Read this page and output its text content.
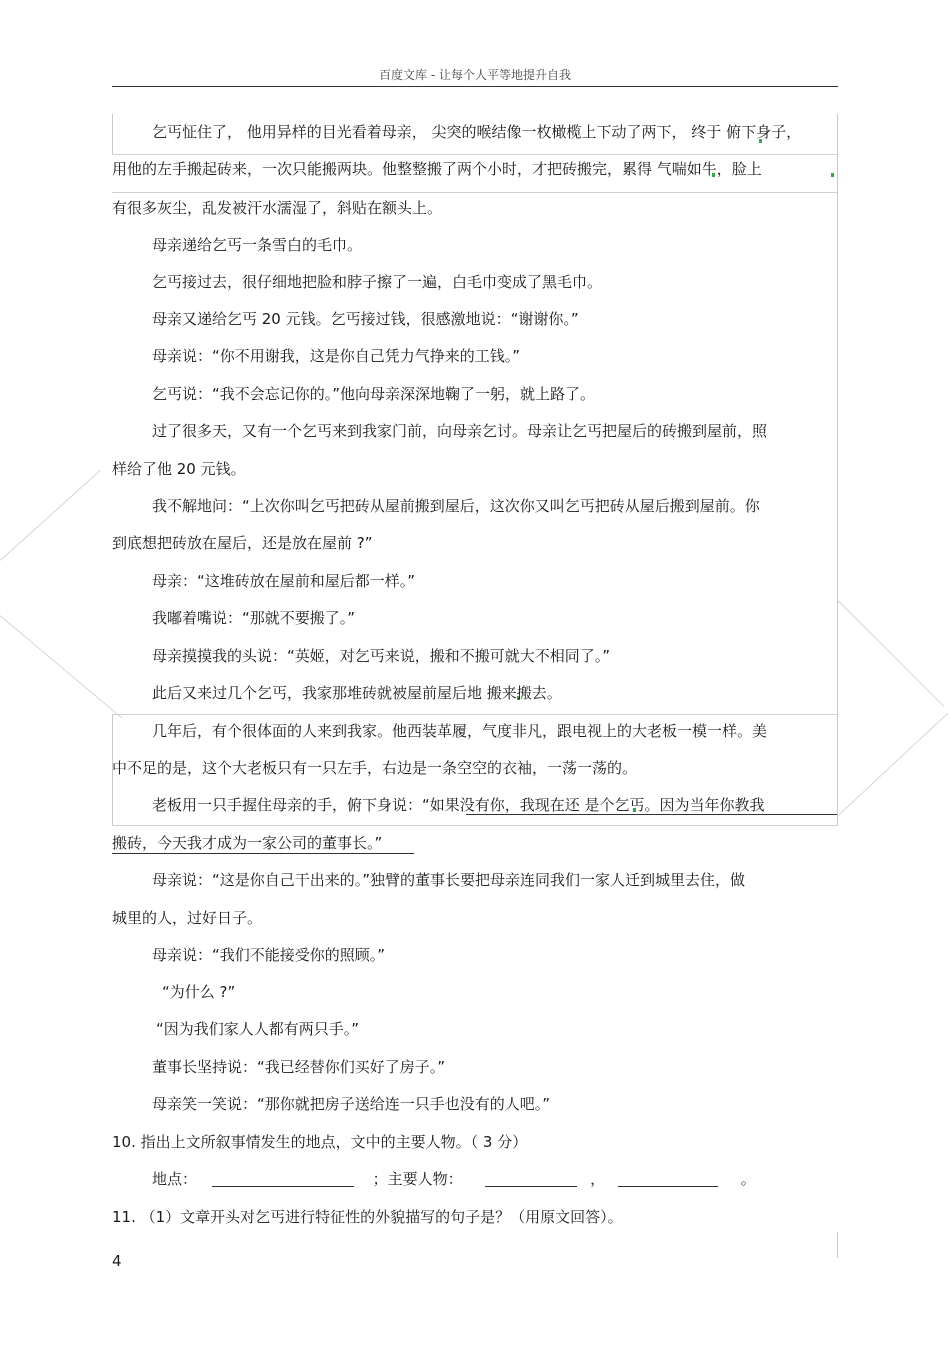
百度文库 - 让每个人平等地提升自我
乞丐怔住了， 他用异样的目光看着母亲， 尖突的喉结像一枚橄榄上下动了两下， 终于 俯下身子，
用他的左手搬起砖来，一次只能搬两块。他整整搬了两个小时，才把砖搬完，累得 气喘如牛，脸上
有很多灰尘，乱发被汗水濡湿了，斜贴在额头上。
母亲递给乞丐一条雪白的毛巾。
乞丐接过去，很仔细地把脸和脖子擦了一遍，白毛巾变成了黑毛巾。
母亲又递给乞丐 20 元钱。乞丐接过钱，很感激地说：“谢谢你。”
母亲说：“你不用谢我，这是你自己凭力气挣来的工钱。”
乞丐说：“我不会忘记你的。”他向母亲深深地鞠了一躬，就上路了。
过了很多天，又有一个乞丐来到我家门前，向母亲乞讨。母亲让乞丐把屋后的砖搬到屋前，照
样给了他 20 元钱。
我不解地问：“上次你叫乞丐把砖从屋前搬到屋后，这次你又叫乞丐把砖从屋后搬到屋前。你
到底想把砖放在屋后，还是放在屋前 ?”
母亲：“这堆砖放在屋前和屋后都一样。”
我嘟着嘴说：“那就不要搬了。”
母亲摸摸我的头说：“英姬，对乞丐来说，搬和不搬可就大不相同了。”
此后又来过几个乞丐，我家那堆砖就被屋前屋后地 搬来搬去。
几年后，有个很体面的人来到我家。他西装革履，气度非凡，跟电视上的大老板一模一样。美
中不足的是，这个大老板只有一只左手，右边是一条空空的衣袖，一荡一荡的。
老板用一只手握住母亲的手，俯下身说：“如果没有你，我现在还 是个乞丐。因为当年你教我
搬砖，今天我才成为一家公司的董事长。”
母亲说：“这是你自己干出来的。”独臂的董事长要把母亲连同我们一家人迁到城里去住，做
城里的人，过好日子。
母亲说：“我们不能接受你的照顾。”
“为什么 ?”
“因为我们家人人都有两只手。”
董事长坚持说：“我已经替你们买好了房子。”
母亲笑一笑说：“那你就把房子送给连一只手也没有的人吧。”
10. 指出上文所叙事情发生的地点，文中的主要人物。（ 3 分）
地点：	；主要人物：	，	。
11. （1）文章开头对乞丐进行特征性的外貌描写的句子是？（用原文回答）。
4
